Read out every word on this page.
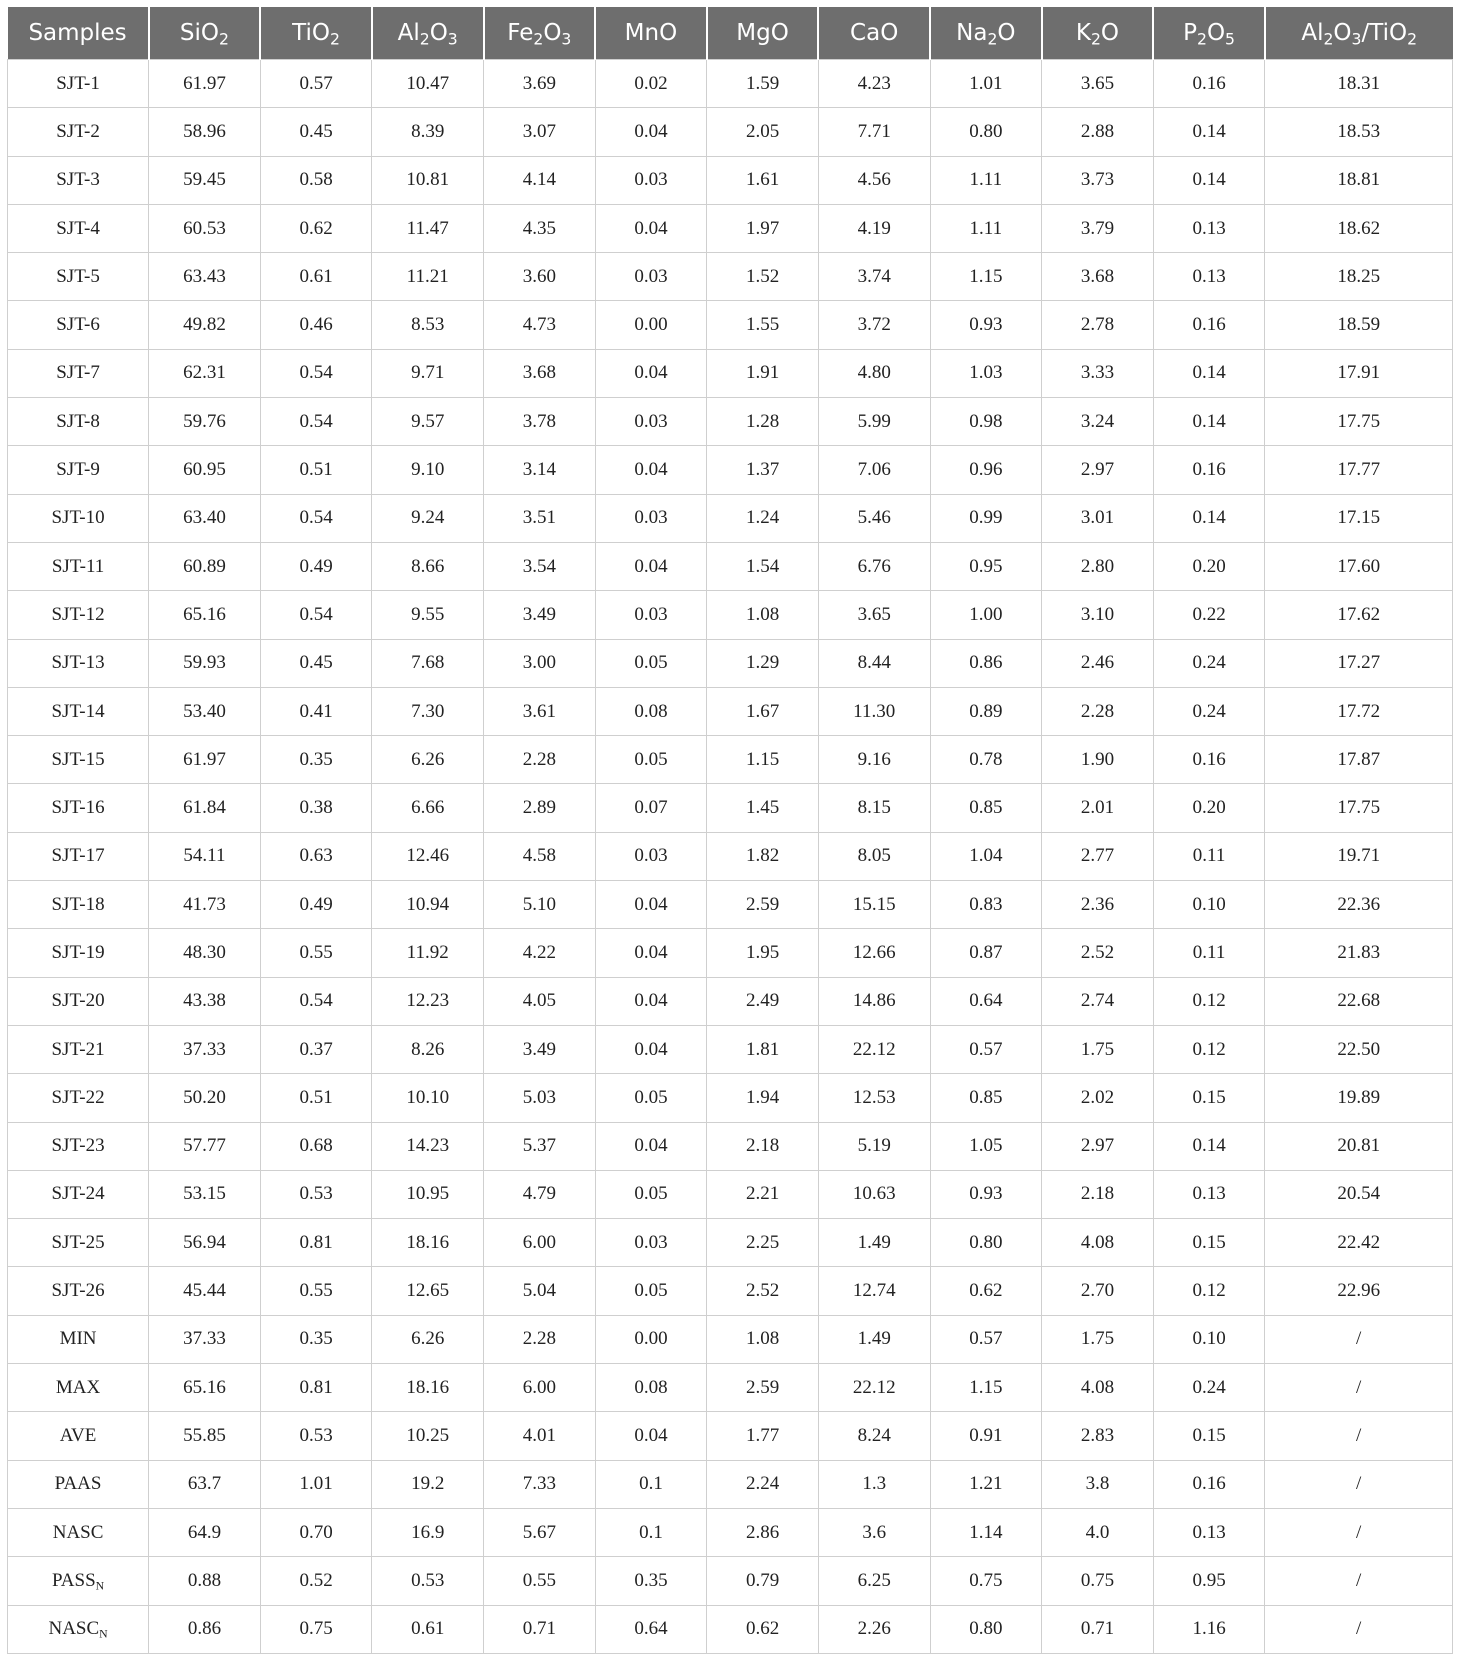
Samples	SiO$_2$	TiO$_2$	$Al_2O_3$	$Fe_2O_3$	MnO	MgO	CaO	$Na_2O$	$K_2O$	$P_2O_5$	$Al_2O_3/TiO_2$
SJT-1	61.97	0.57	10.47	3.69	0.02	1.59	4.23	1.01	3.65	0.16	18.31
SJT-2	58.96	0.45	8.39	3.07	0.04	2.05	7.71	0.80	2.88	0.14	18.53
SJT-3	59.45	0.58	10.81	4.14	0.03	1.61	4.56	1.11	3.73	0.14	18.81
SJT-4	60.53	0.62	11.47	4.35	0.04	1.97	4.19	1.11	3.79	0.13	18.62
SJT-5	63.43	0.61	11.21	3.60	0.03	1.52	3.74	1.15	3.68	0.13	18.25
SJT-6	49.82	0.46	8.53	4.73	0.00	1.55	3.72	0.93	2.78	0.16	18.59
SJT-7	62.31	0.54	9.71	3.68	0.04	1.91	4.80	1.03	3.33	0.14	17.91
SJT-8	59.76	0.54	9.57	3.78	0.03	1.28	5.99	0.98	3.24	0.14	17.75
SJT-9	60.95	0.51	9.10	3.14	0.04	1.37	7.06	0.96	2.97	0.16	17.77
SJT-10	63.40	0.54	9.24	3.51	0.03	1.24	5.46	0.99	3.01	0.14	17.15
SJT-11	60.89	0.49	8.66	3.54	0.04	1.54	6.76	0.95	2.80	0.20	17.60
SJT-12	65.16	0.54	9.55	3.49	0.03	1.08	3.65	1.00	3.10	0.22	17.62
SJT-13	59.93	0.45	7.68	3.00	0.05	1.29	8.44	0.86	2.46	0.24	17.27
SJT-14	53.40	0.41	7.30	3.61	0.08	1.67	11.30	0.89	2.28	0.24	17.72
SJT-15	61.97	0.35	6.26	2.28	0.05	1.15	9.16	0.78	1.90	0.16	17.87
SJT-16	61.84	0.38	6.66	2.89	0.07	1.45	8.15	0.85	2.01	0.20	17.75
SJT-17	54.11	0.63	12.46	4.58	0.03	1.82	8.05	1.04	2.77	0.11	19.71
SJT-18	41.73	0.49	10.94	5.10	0.04	2.59	15.15	0.83	2.36	0.10	22.36
SJT-19	48.30	0.55	11.92	4.22	0.04	1.95	12.66	0.87	2.52	0.11	21.83
SJT-20	43.38	0.54	12.23	4.05	0.04	2.49	14.86	0.64	2.74	0.12	22.68
SJT-21	37.33	0.37	8.26	3.49	0.04	1.81	22.12	0.57	1.75	0.12	22.50
SJT-22	50.20	0.51	10.10	5.03	0.05	1.94	12.53	0.85	2.02	0.15	19.89
SJT-23	57.77	0.68	14.23	5.37	0.04	2.18	5.19	1.05	2.97	0.14	20.81
SJT-24	53.15	0.53	10.95	4.79	0.05	2.21	10.63	0.93	2.18	0.13	20.54
SJT-25	56.94	0.81	18.16	6.00	0.03	2.25	1.49	0.80	4.08	0.15	22.42
SJT-26	45.44	0.55	12.65	5.04	0.05	2.52	12.74	0.62	2.70	0.12	22.96
MIN	37.33	0.35	6.26	2.28	0.00	1.08	1.49	0.57	1.75	0.10	/
MAX	65.16	0.81	18.16	6.00	0.08	2.59	22.12	1.15	4.08	0.24	/
AVE	55.85	0.53	10.25	4.01	0.04	1.77	8.24	0.91	2.83	0.15	/
PAAS	63.7	1.01	19.2	7.33	0.1	2.24	1.3	1.21	3.8	0.16	/
NASC	64.9	0.70	16.9	5.67	0.1	2.86	3.6	1.14	4.0	0.13	/
$PASS_N$	0.88	0.52	0.53	0.55	0.35	0.79	6.25	0.75	0.75	0.95	/
$NASC_N$	0.86	0.75	0.61	0.71	0.64	0.62	2.26	0.80	0.71	1.16	/
